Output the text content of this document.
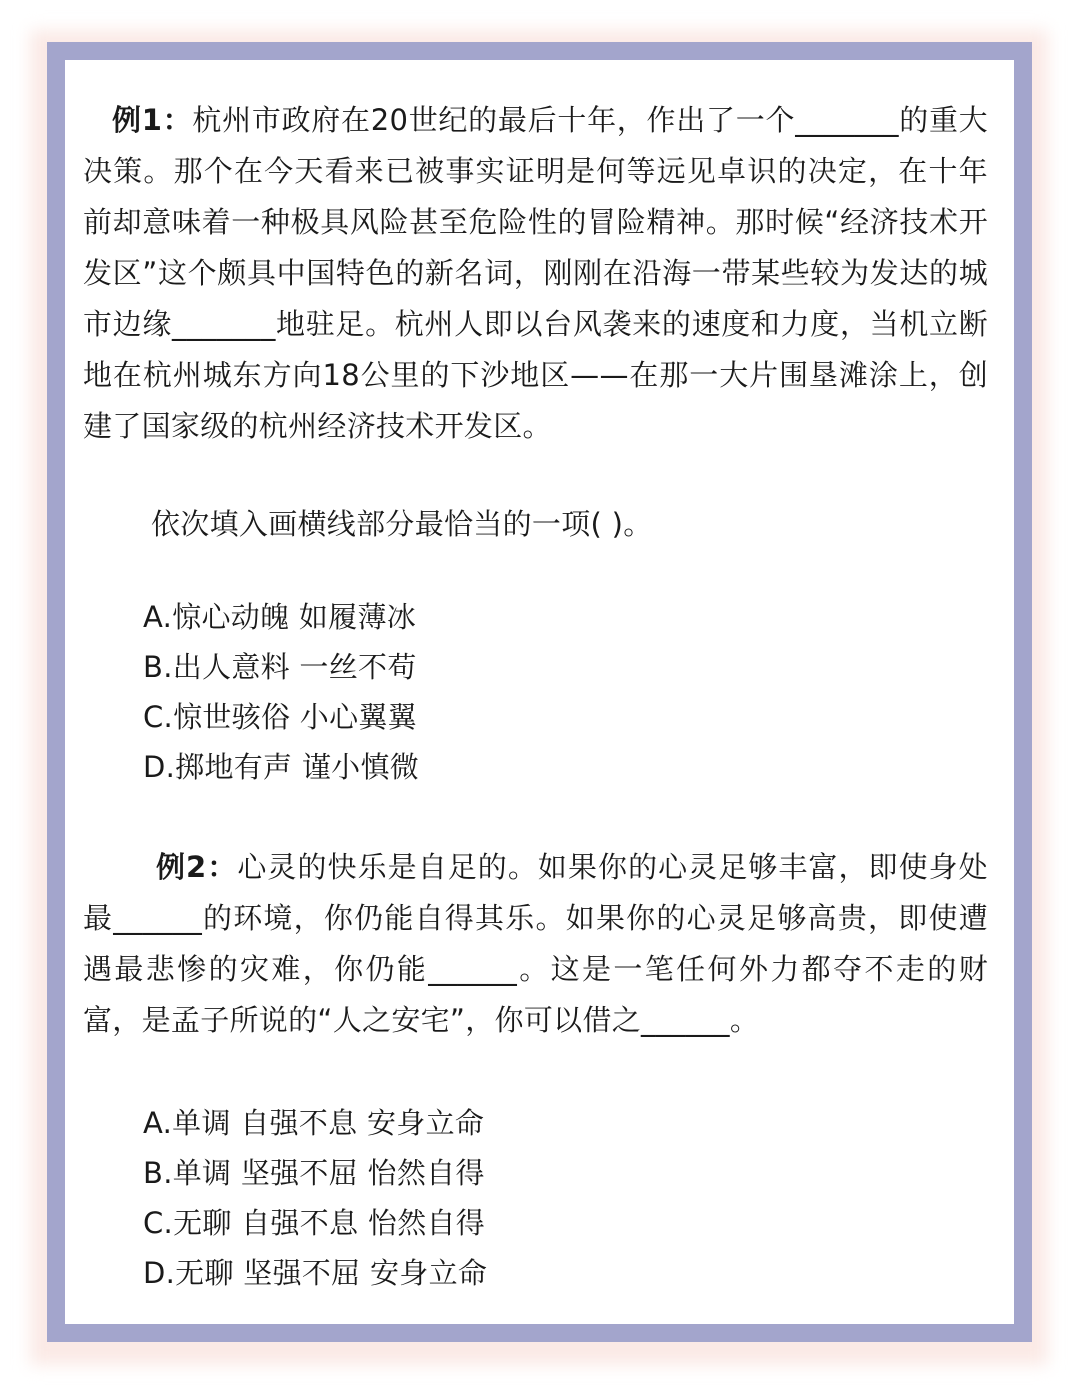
例1：杭州市政府在20世纪的最后十年，作出了一个_______的重大决策。那个在今天看来已被事实证明是何等远见卓识的决定，在十年前却意味着一种极具风险甚至危险性的冒险精神。那时候“经济技术开发区”这个颇具中国特色的新名词，刚刚在沿海一带某些较为发达的城市边缘_______地驻足。杭州人即以台风袭来的速度和力度，当机立断地在杭州城东方向18公里的下沙地区——在那一大片围垦滩涂上，创建了国家级的杭州经济技术开发区。

依次填入画横线部分最恰当的一项( )。

A.惊心动魄 如履薄冰
B.出人意料 一丝不苟
C.惊世骇俗 小心翼翼
D.掷地有声 谨小慎微

例2：心灵的快乐是自足的。如果你的心灵足够丰富，即使身处最______的环境，你仍能自得其乐。如果你的心灵足够高贵，即使遭遇最悲惨的灾难，你仍能______。这是一笔任何外力都夺不走的财富，是孟子所说的“人之安宅”，你可以借之______。

A.单调 自强不息 安身立命
B.单调 坚强不屈 怡然自得
C.无聊 自强不息 怡然自得
D.无聊 坚强不屈 安身立命
